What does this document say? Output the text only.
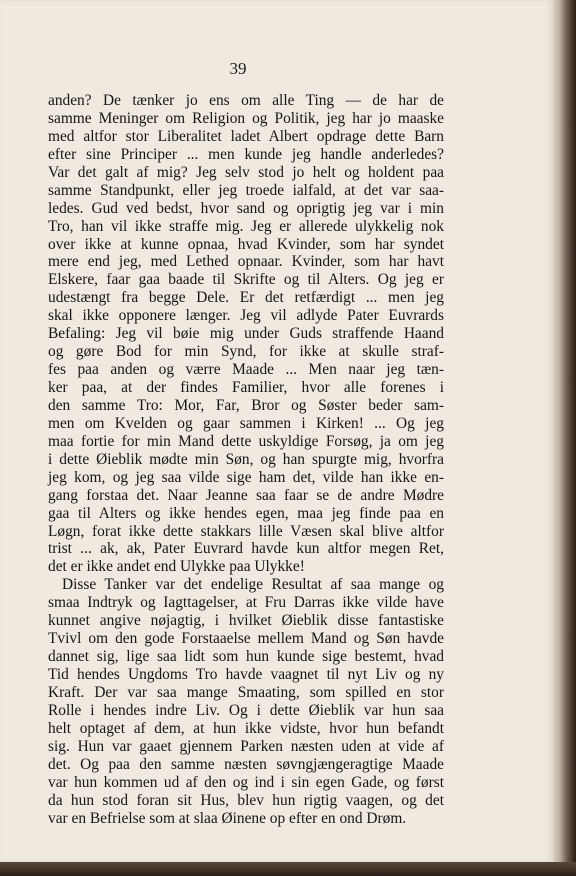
39
anden? De tænker jo ens om alle Ting — de har de
samme Meninger om Religion og Politik, jeg har jo maaske
med altfor stor Liberalitet ladet Albert opdrage dette Barn
efter sine Principer ... men kunde jeg handle anderledes?
Var det galt af mig? Jeg selv stod jo helt og holdent paa
samme Standpunkt, eller jeg troede ialfald, at det var saa-
ledes. Gud ved bedst, hvor sand og oprigtig jeg var i min
Tro, han vil ikke straffe mig. Jeg er allerede ulykkelig nok
over ikke at kunne opnaa, hvad Kvinder, som har syndet
mere end jeg, med Lethed opnaar. Kvinder, som har havt
Elskere, faar gaa baade til Skrifte og til Alters. Og jeg er
udestængt fra begge Dele. Er det retfærdigt ... men jeg
skal ikke opponere længer. Jeg vil adlyde Pater Euvrards
Befaling: Jeg vil bøie mig under Guds straffende Haand
og gøre Bod for min Synd, for ikke at skulle straf-
fes paa anden og værre Maade ... Men naar jeg tæn-
ker paa, at der findes Familier, hvor alle forenes i
den samme Tro: Mor, Far, Bror og Søster beder sam-
men om Kvelden og gaar sammen i Kirken! ... Og jeg
maa fortie for min Mand dette uskyldige Forsøg, ja om jeg
i dette Øieblik mødte min Søn, og han spurgte mig, hvorfra
jeg kom, og jeg saa vilde sige ham det, vilde han ikke en-
gang forstaa det. Naar Jeanne saa faar se de andre Mødre
gaa til Alters og ikke hendes egen, maa jeg finde paa en
Løgn, forat ikke dette stakkars lille Væsen skal blive altfor
trist ... ak, ak, Pater Euvrard havde kun altfor megen Ret,
det er ikke andet end Ulykke paa Ulykke!
Disse Tanker var det endelige Resultat af saa mange og
smaa Indtryk og Iagttagelser, at Fru Darras ikke vilde have
kunnet angive nøjagtig, i hvilket Øieblik disse fantastiske
Tvivl om den gode Forstaaelse mellem Mand og Søn havde
dannet sig, lige saa lidt som hun kunde sige bestemt, hvad
Tid hendes Ungdoms Tro havde vaagnet til nyt Liv og ny
Kraft. Der var saa mange Smaating, som spilled en stor
Rolle i hendes indre Liv. Og i dette Øieblik var hun saa
helt optaget af dem, at hun ikke vidste, hvor hun befandt
sig. Hun var gaaet gjennem Parken næsten uden at vide af
det. Og paa den samme næsten søvngjængeragtige Maade
var hun kommen ud af den og ind i sin egen Gade, og først
da hun stod foran sit Hus, blev hun rigtig vaagen, og det
var en Befrielse som at slaa Øinene op efter en ond Drøm.
